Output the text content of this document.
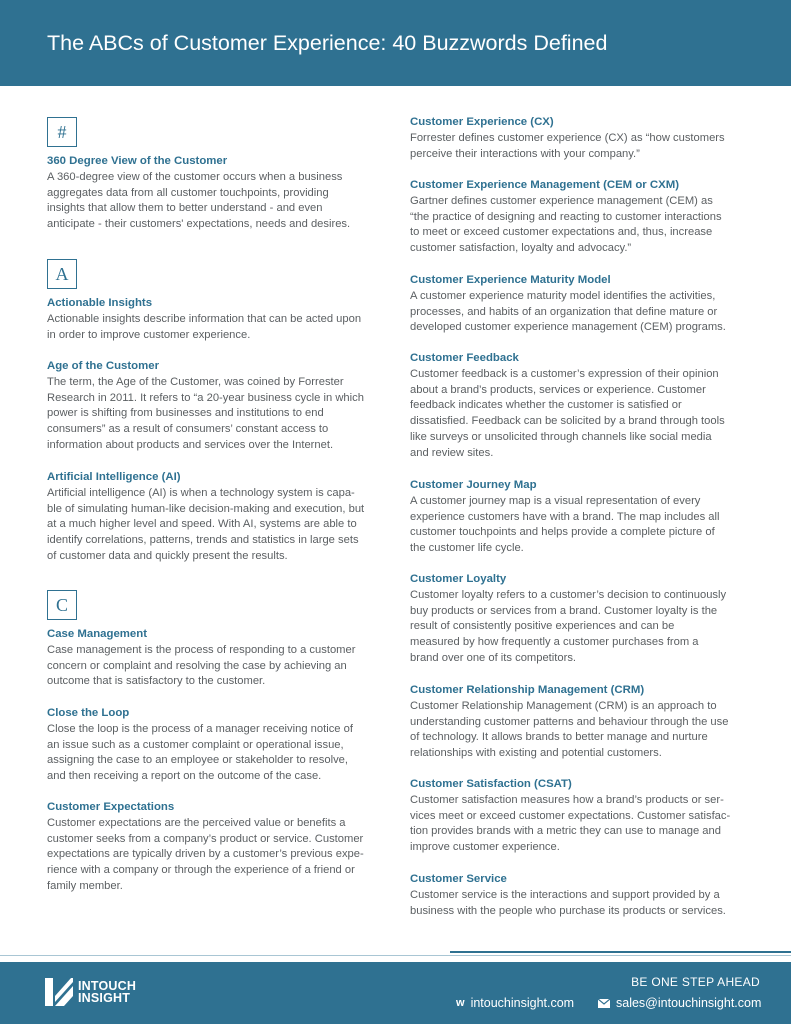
The ABCs of Customer Experience: 40 Buzzwords Defined
#
360 Degree View of the Customer
A 360-degree view of the customer occurs when a business
aggregates data from all customer touchpoints, providing
insights that allow them to better understand - and even
anticipate - their customers' expectations, needs and desires.
A
Actionable Insights
Actionable insights describe information that can be acted upon
in order to improve customer experience.
Age of the Customer
The term, the Age of the Customer, was coined by Forrester
Research in 2011. It refers to “a 20-year business cycle in which
power is shifting from businesses and institutions to end
consumers” as a result of consumers’ constant access to
information about products and services over the Internet.
Artificial Intelligence (AI)
Artificial intelligence (AI) is when a technology system is capa-
ble of simulating human-like decision-making and execution, but
at a much higher level and speed. With AI, systems are able to
identify correlations, patterns, trends and statistics in large sets
of customer data and quickly present the results.
C
Case Management
Case management is the process of responding to a customer
concern or complaint and resolving the case by achieving an
outcome that is satisfactory to the customer.
Close the Loop
Close the loop is the process of a manager receiving notice of
an issue such as a customer complaint or operational issue,
assigning the case to an employee or stakeholder to resolve,
and then receiving a report on the outcome of the case.
Customer Expectations
Customer expectations are the perceived value or benefits a
customer seeks from a company’s product or service. Customer
expectations are typically driven by a customer’s previous expe-
rience with a company or through the experience of a friend or
family member.
Customer Experience (CX)
Forrester defines customer experience (CX) as “how customers
perceive their interactions with your company.”
Customer Experience Management (CEM or CXM)
Gartner defines customer experience management (CEM) as
“the practice of designing and reacting to customer interactions
to meet or exceed customer expectations and, thus, increase
customer satisfaction, loyalty and advocacy.”
Customer Experience Maturity Model
A customer experience maturity model identifies the activities,
processes, and habits of an organization that define mature or
developed customer experience management (CEM) programs.
Customer Feedback
Customer feedback is a customer’s expression of their opinion
about a brand’s products, services or experience. Customer
feedback indicates whether the customer is satisfied or
dissatisfied. Feedback can be solicited by a brand through tools
like surveys or unsolicited through channels like social media
and review sites.
Customer Journey Map
A customer journey map is a visual representation of every
experience customers have with a brand. The map includes all
customer touchpoints and helps provide a complete picture of
the customer life cycle.
Customer Loyalty
Customer loyalty refers to a customer’s decision to continuously
buy products or services from a brand. Customer loyalty is the
result of consistently positive experiences and can be
measured by how frequently a customer purchases from a
brand over one of its competitors.
Customer Relationship Management (CRM)
Customer Relationship Management (CRM) is an approach to
understanding customer patterns and behaviour through the use
of technology. It allows brands to better manage and nurture
relationships with existing and potential customers.
Customer Satisfaction (CSAT)
Customer satisfaction measures how a brand’s products or ser-
vices meet or exceed customer expectations. Customer satisfac-
tion provides brands with a metric they can use to manage and
improve customer experience.
Customer Service
Customer service is the interactions and support provided by a
business with the people who purchase its products or services.
INTOUCH
INSIGHT
BE ONE STEP AHEAD
w intouchinsight.com	sales@intouchinsight.com
